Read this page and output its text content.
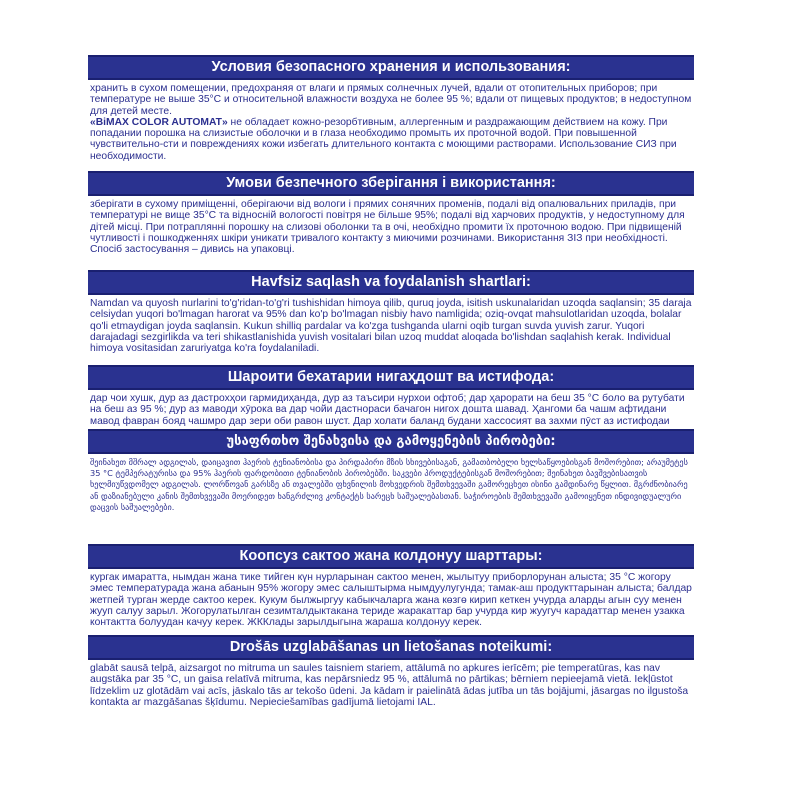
Условия безопасного хранения и использования:

хранить в сухом помещении, предохраняя от влаги и прямых солнечных лучей, вдали от отопительных приборов; при температуре не выше 35°С и относительной влажности воздуха не более 95 %; вдали от пищевых продуктов; в недоступном для детей месте.
«BiMAX COLOR AUTOMAT» не обладает кожно-резорбтивным, аллергенным и раздражающим действием на кожу. При попадании порошка на слизистые оболочки и в глаза необходимо промыть их проточной водой. При повышенной чувствительно-сти и повреждениях кожи избегать длительного контакта с моющими растворами. Использование СИЗ при необходимости.

Умови безпечного зберігання і використання:

зберігати в сухому приміщенні, оберігаючи від вологи і прямих сонячних променів, подалі від опалювальних приладів, при температурі не вище 35°С та відносній вологості повітря не більше 95%; подалі від харчових продуктів, у недоступному для дітей місці. При потраплянні порошку на слизові оболонки та в очі, необхідно промити їх проточною водою. При підвищеній чутливості і пошкодженнях шкіри уникати тривалого контакту з миючими розчинами. Використання ЗІЗ при необхідності. Спосіб застосування – дивись на упаковці.

Havfsiz saqlash va foydalanish shartlari:

Namdan va quyosh nurlarini to'g'ridan-to'g'ri tushishidan himoya qilib, quruq joyda, isitish uskunalaridan uzoqda saqlansin; 35 daraja celsiydan yuqori bo'lmagan harorat va 95% dan ko'p bo'lmagan nisbiy havo namligida; oziq-ovqat mahsulotlaridan uzoqda, bolalar qo'li etmaydigan joyda saqlansin. Kukun shilliq pardalar va ko'zga tushganda ularni oqib turgan suvda yuvish zarur. Yuqori darajadagi sezgirlikda va teri shikastlanishida yuvish vositalari bilan uzoq muddat aloqada bo'lishdan saqlahish kerak. Individual himoya vositasidan zaruriyatga ko'ra foydalaniladi.

Шароити бехатарии нигаҳдошт ва истифода:

дар чои хушк, дур аз дастрохҳои гармидиҳанда, дур аз таъсири нурхои офтоб; дар ҳарорати на беш 35 °С боло ва рутубати на беш аз 95 %; дур аз маводи хӯрока ва дар чойи дастнораси бачагон нигох дошта шавад. Ҳангоми ба чашм афтидани мавод фавран бояд чашмро дар зери оби равон шуст. Дар холати баланд будани хассосият ва захми пӯст аз истифодаи

უსაფრთხო შენახვისა და გამოყენების პირობები:

შეინახეთ მშრალ ადგილას, დაიცავით ჰაერის ტენიანობისა და პირდაპირი მზის სხივებისაგან, გამათბობელი ხელსაწყოებისგან მოშორებით; არაუმეტეს 35 °C ტემპერატურისა და 95% ჰაერის ფარდობითი ტენიანობის პირობებში. საკვები პროდუქტებისგან მოშორებით; შეინახეთ ბავშვებისათვის ხელმიუწვდომელ ადგილას. ლორწოვან გარსზე ან თვალებში ფხვნილის მოხვედრის შემთხვევაში გამორეცხეთ ისინი გამდინარე წყლით. მგრძნობიარე ან დაზიანებული კანის შემთხვევაში მოერიდეთ ხანგრძლივ კონტაქტს სარეცხ საშუალებასთან. საჭიროების შემთხვევაში გამოიყენეთ ინდივიდუალური დაცვის საშუალებები.

Коопсуз сактоо жана колдонуу шарттары:

кургак имаратта, нымдан жана тике тийген күн нурларынан сактоо менен, жылытуу приборлорунан алыста; 35 °С жогору эмес температурада жана абанын 95% жогору эмес салыштырма нымдуулугунда; тамак-аш продукттарынан алыста; балдар жетпей турган жерде сактоо керек. Кукум былжыргуу кабыкчаларга жана көзгө кирип кеткен учурда аларды агын суу менен жууп салуу зарыл. Жогорулатылган сезимталдыктакана териде жаракаттар бар учурда кир жуугуч карадаттар менен узакка контактта болуудан качуу керек. ЖККлады зарылдыгына жараша колдонуу керек.

Drošās uzglabāšanas un lietošanas noteikumi:

glabāt sausā telpā, aizsargot no mitruma un saules taisniem stariem, attālumā no apkures ierīcēm; pie temperatūras, kas nav augstāka par 35 °C, un gaisa relatīvā mitruma, kas nepārsniedz 95 %, attālumā no pārtikas; bērniem nepieejamā vietā. Iekļūstot līdzeklim uz glotādām vai acīs, jāskalo tās ar tekošo ūdeni. Ja kādam ir paielinātā ādas jutība un tās bojājumi, jāsargas no ilgustoša kontakta ar mazgāšanas šķīdumu. Nepieciešamības gadījumā lietojami IAL.
